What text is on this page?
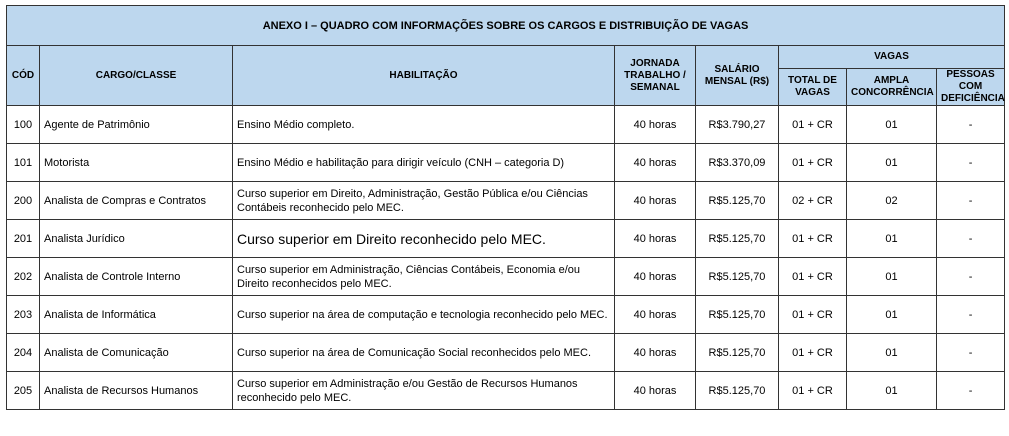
ANEXO I – QUADRO COM INFORMAÇÕES SOBRE OS CARGOS E DISTRIBUIÇÃO DE VAGAS							
CÓD	CARGO/CLASSE	HABILITAÇÃO	JORNADA TRABALHO / SEMANAL	SALÁRIO MENSAL (R$)	VAGAS		
					TOTAL DE VAGAS	AMPLA CONCORRÊNCIA	PESSOAS COM DEFICIÊNCIA
100	Agente de Patrimônio	Ensino Médio completo.	40 horas	R$3.790,27	01 + CR	01	-
101	Motorista	Ensino Médio e habilitação para dirigir veículo (CNH – categoria D)	40 horas	R$3.370,09	01 + CR	01	-
200	Analista de Compras e Contratos	Curso superior em Direito, Administração, Gestão Pública e/ou Ciências Contábeis reconhecido pelo MEC.	40 horas	R$5.125,70	02 + CR	02	-
201	Analista Jurídico	Curso superior em Direito reconhecido pelo MEC.	40 horas	R$5.125,70	01 + CR	01	-
202	Analista de Controle Interno	Curso superior em Administração, Ciências Contábeis, Economia e/ou Direito reconhecidos pelo MEC.	40 horas	R$5.125,70	01 + CR	01	-
203	Analista de Informática	Curso superior na área de computação e tecnologia reconhecido pelo MEC.	40 horas	R$5.125,70	01 + CR	01	-
204	Analista de Comunicação	Curso superior na área de Comunicação Social reconhecidos pelo MEC.	40 horas	R$5.125,70	01 + CR	01	-
205	Analista de Recursos Humanos	Curso superior em Administração e/ou Gestão de Recursos Humanos reconhecido pelo MEC.	40 horas	R$5.125,70	01 + CR	01	-
